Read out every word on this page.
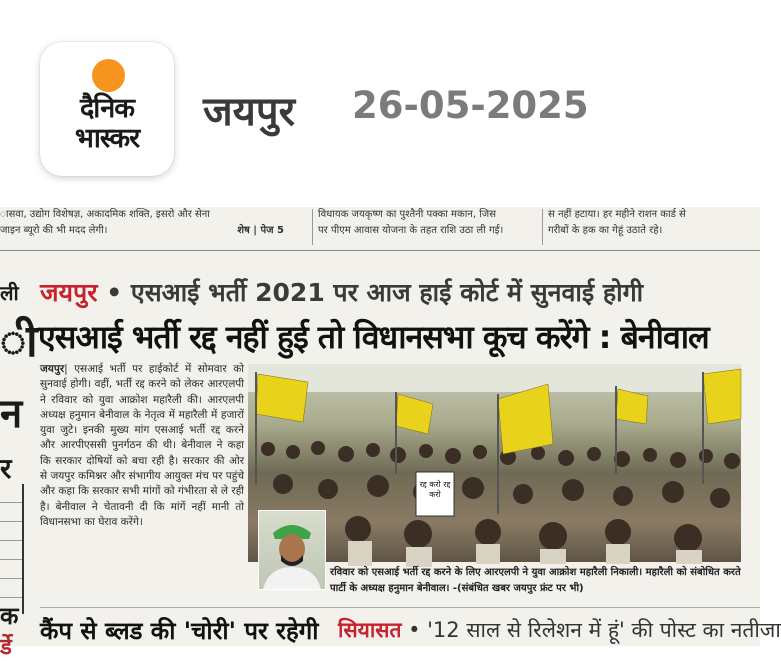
दैनिक
भास्कर
जयपुर 26-05-2025
ासवा, उद्योग विशेषज्ञ, अकादमिक शक्ति, इसरो और सेना
जाइन ब्यूरो की भी मदद लेगी।	शेष | पेज 5
विधायक जयकृष्ण का पुश्तैनी पक्का मकान, जिस
पर पीएम आवास योजना के तहत राशि उठा ली गई।
स नहीं हटाया। हर महीने राशन कार्ड से
गरीबों के हक का गेहूं उठाते रहे।
ली
ी
न
र
क
र्डे
जयपुर • एसआई भर्ती 2021 पर आज हाई कोर्ट में सुनवाई होगी
एसआई भर्ती रद्द नहीं हुई तो विधानसभा कूच करेंगे : बेनीवाल
जयपुर| एसआई भर्ती पर हाईकोर्ट में सोमवार को सुनवाई होगी। वहीं, भर्ती रद्द करने को लेकर आरएलपी ने रविवार को युवा आक्रोश महारैली की। आरएलपी अध्यक्ष हनुमान बेनीवाल के नेतृत्व में महारैली में हजारों युवा जुटे। इनकी मुख्य मांग एसआई भर्ती रद्द करने और आरपीएससी पुनर्गठन की थी। बेनीवाल ने कहा कि सरकार दोषियों को बचा रही है। सरकार की ओर से जयपुर कमिश्नर और संभागीय आयुक्त मंच पर पहुंचे और कहा कि सरकार सभी मांगों को गंभीरता से ले रही है। बेनीवाल ने चेतावनी दी कि मांगें नहीं मानी तो विधानसभा का घेराव करेंगे।
रद्द करो रद्द करो
रविवार को एसआई भर्ती रद्द करने के लिए आरएलपी ने युवा आक्रोश महारैली निकाली। महारैली को संबोधित करते पार्टी के अध्यक्ष हनुमान बेनीवाल। -(संबंधित खबर जयपुर फ्रंट पर भी)
कैंप से ब्लड की 'चोरी' पर रहेगी सियासत • '12 साल से रिलेशन में हूं' की पोस्ट का नतीजा
